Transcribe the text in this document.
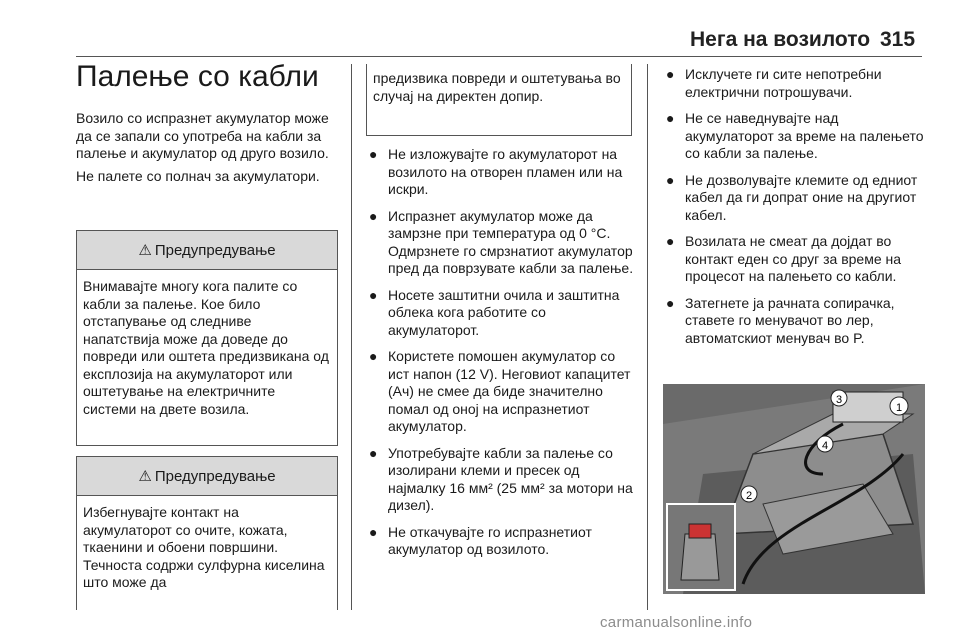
Нега на возилото 315
Палење со кабли

Возило со испразнет акумулатор може да се запали со употреба на кабли за палење и акумулатор од друго возило.

Не палете со полнач за акумулатори.

⚠ Предупредување
Внимавајте многу кога палите со кабли за палење. Кое било отстапување од следниве напатствија може да доведе до повреди или оштета предизвикана од експлозија на акумулаторот или оштетување на електричните системи на двете возила.
⚠ Предупредување
Избегнувајте контакт на акумулаторот со очите, кожата, ткаенини и обоени површини. Течноста содржи сулфурна киселина што може да
предизвика повреди и оштетувања во случај на директен допир.
● Не изложувајте го акумулаторот на возилото на отворен пламен или на искри.
● Испразнет акумулатор може да замрзне при температура од 0 °C. Одмрзнете го смрзнатиот акумулатор пред да поврзувате кабли за палење.
● Носете заштитни очила и заштитна облека кога работите со акумулаторот.
● Користете помошен акумулатор со ист напон (12 V). Неговиот капацитет (Ач) не смее да биде значително помал од оној на испразнетиот акумулатор.
● Употребувајте кабли за палење со изолирани клеми и пресек од најмалку 16 мм² (25 мм² за мотори на дизел).
● Не откачувајте го испразнетиот акумулатор од возилото.
● Исклучете ги сите непотребни електрични потрошувачи.
● Не се наведнувајте над акумулаторот за време на палењето со кабли за палење.
● Не дозволувајте клемите од едниот кабел да ги допрат оние на другиот кабел.
● Возилата не смеат да дојдат во контакт еден со друг за време на процесот на палењето со кабли.
● Затегнете ја рачната сопирачка, ставете го менувачот во лер, автоматскиот менувач во P.
1
2
3
4
carmanualsonline.info
